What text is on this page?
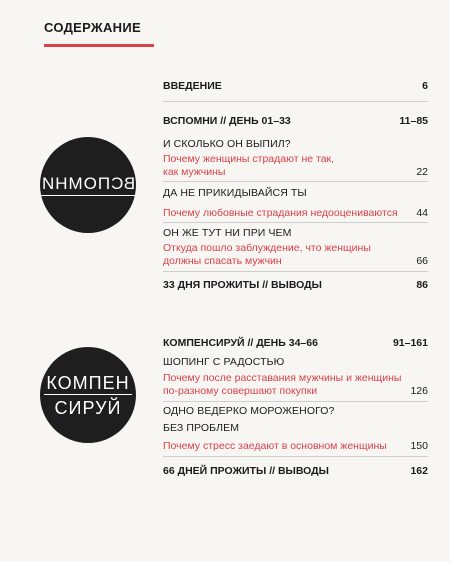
СОДЕРЖАНИЕ
ВВЕДЕНИЕ	6
ВСПОМНИ
ВСПОМНИ // ДЕНЬ 01–33	11–85
И СКОЛЬКО ОН ВЫПИЛ?
Почему женщины страдают не так,
как мужчины	22
ДА НЕ ПРИКИДЫВАЙСЯ ТЫ
Почему любовные страдания недооцениваются	44
ОН ЖЕ ТУТ НИ ПРИ ЧЕМ
Откуда пошло заблуждение, что женщины
должны спасать мужчин	66
33 ДНЯ ПРОЖИТЫ // ВЫВОДЫ	86
КОМПЕН
СИРУЙ
КОМПЕНСИРУЙ // ДЕНЬ 34–66	91–161
ШОПИНГ С РАДОСТЬЮ
Почему после расставания мужчины и женщины
по-разному совершают покупки	126
ОДНО ВЕДЕРКО МОРОЖЕНОГО?
БЕЗ ПРОБЛЕМ
Почему стресс заедают в основном женщины	150
66 ДНЕЙ ПРОЖИТЫ // ВЫВОДЫ	162
